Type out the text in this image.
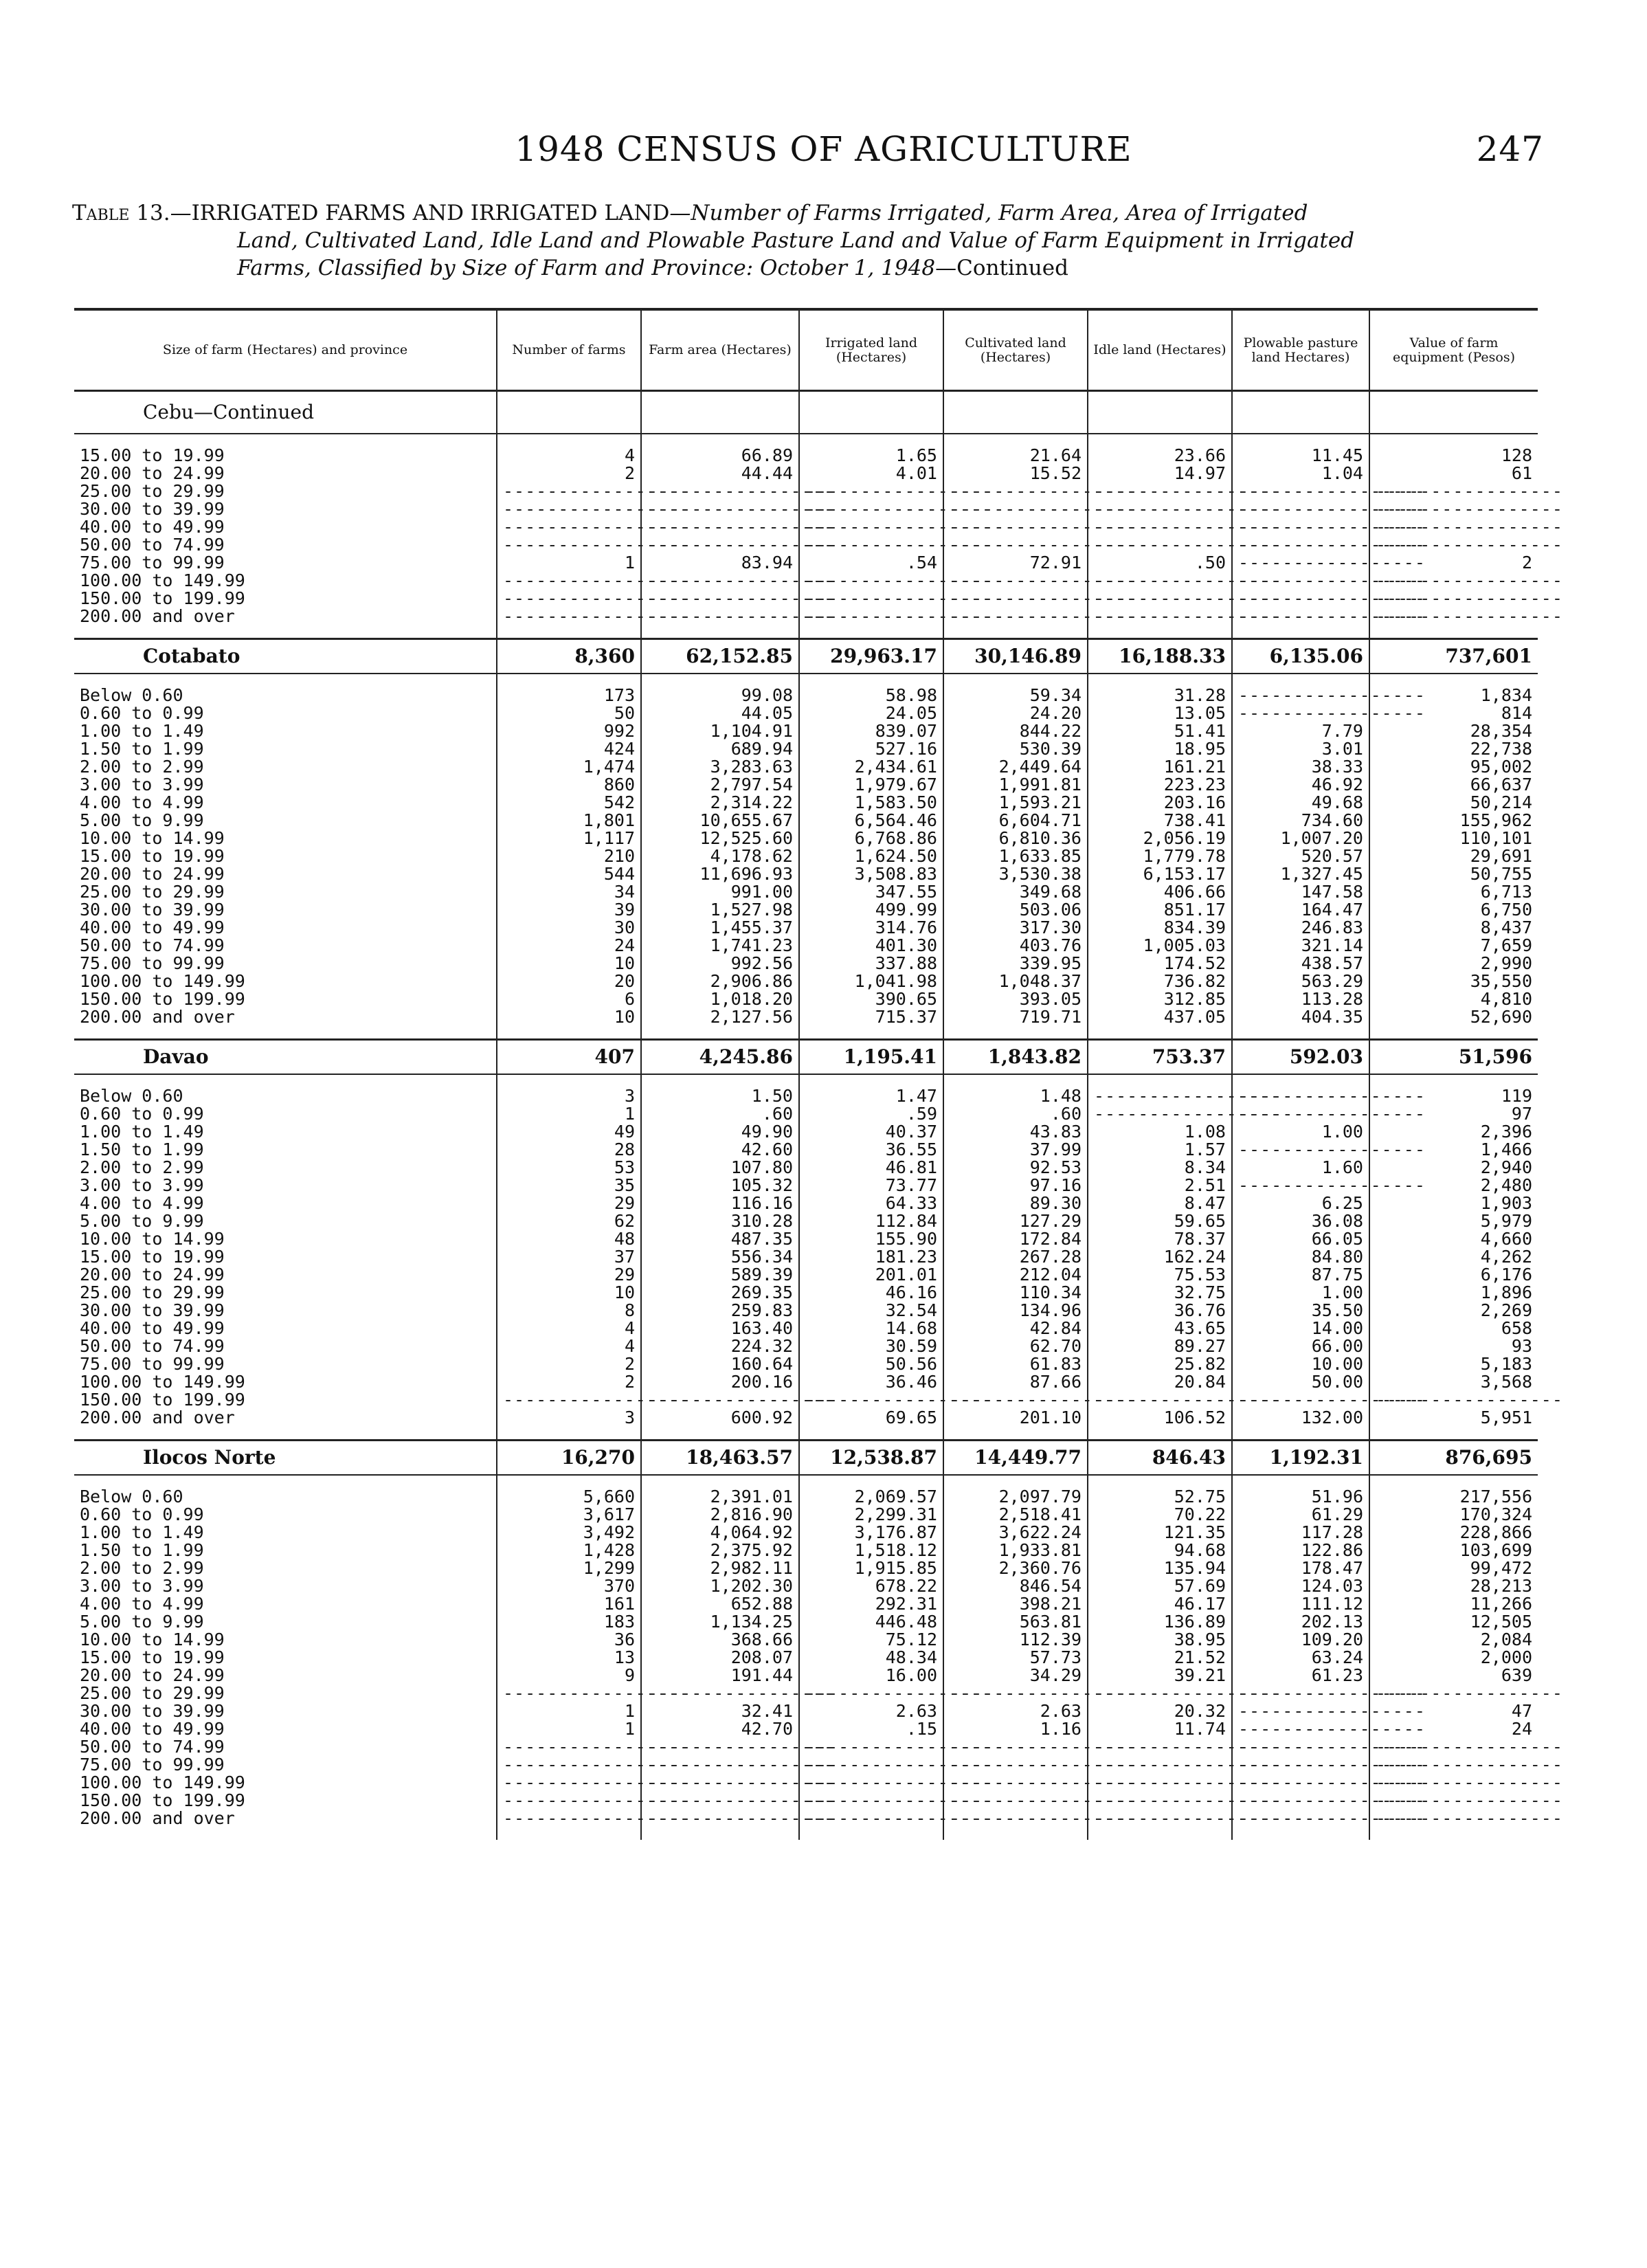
1948 CENSUS OF AGRICULTURE	247
Table 13.—IRRIGATED FARMS AND IRRIGATED LAND—Number of Farms Irrigated, Farm Area, Area of Irrigated
Land, Cultivated Land, Idle Land and Plowable Pasture Land and Value of Farm Equipment in Irrigated
Farms, Classified by Size of Farm and Province: October 1, 1948—Continued
Size of farm (Hectares) and province	Number of farms	Farm area (Hectares)	Irrigated land (Hectares)	Cultivated land (Hectares)	Idle land (Hectares)	Plowable pasture land Hectares)	Value of farm equipment (Pesos)
Cebu—Continued							

15.00 to 19.99	4	66.89	1.65	21.64	23.66	11.45	128
20.00 to 24.99	2	44.44	4.01	15.52	14.97	1.04	61
25.00 to 29.99	-----------------	-----------------	-----------------	-----------------	-----------------	-----------------	-----------------
30.00 to 39.99	-----------------	-----------------	-----------------	-----------------	-----------------	-----------------	-----------------
40.00 to 49.99	-----------------	-----------------	-----------------	-----------------	-----------------	-----------------	-----------------
50.00 to 74.99	-----------------	-----------------	-----------------	-----------------	-----------------	-----------------	-----------------
75.00 to 99.99	1	83.94	.54	72.91	.50	-----------------	2
100.00 to 149.99	-----------------	-----------------	-----------------	-----------------	-----------------	-----------------	-----------------
150.00 to 199.99	-----------------	-----------------	-----------------	-----------------	-----------------	-----------------	-----------------
200.00 and over	-----------------	-----------------	-----------------	-----------------	-----------------	-----------------	-----------------

Cotabato	8,360	62,152.85	29,963.17	30,146.89	16,188.33	6,135.06	737,601

Below 0.60	173	99.08	58.98	59.34	31.28	-----------------	1,834
0.60 to 0.99	50	44.05	24.05	24.20	13.05	-----------------	814
1.00 to 1.49	992	1,104.91	839.07	844.22	51.41	7.79	28,354
1.50 to 1.99	424	689.94	527.16	530.39	18.95	3.01	22,738
2.00 to 2.99	1,474	3,283.63	2,434.61	2,449.64	161.21	38.33	95,002
3.00 to 3.99	860	2,797.54	1,979.67	1,991.81	223.23	46.92	66,637
4.00 to 4.99	542	2,314.22	1,583.50	1,593.21	203.16	49.68	50,214
5.00 to 9.99	1,801	10,655.67	6,564.46	6,604.71	738.41	734.60	155,962
10.00 to 14.99	1,117	12,525.60	6,768.86	6,810.36	2,056.19	1,007.20	110,101
15.00 to 19.99	210	4,178.62	1,624.50	1,633.85	1,779.78	520.57	29,691
20.00 to 24.99	544	11,696.93	3,508.83	3,530.38	6,153.17	1,327.45	50,755
25.00 to 29.99	34	991.00	347.55	349.68	406.66	147.58	6,713
30.00 to 39.99	39	1,527.98	499.99	503.06	851.17	164.47	6,750
40.00 to 49.99	30	1,455.37	314.76	317.30	834.39	246.83	8,437
50.00 to 74.99	24	1,741.23	401.30	403.76	1,005.03	321.14	7,659
75.00 to 99.99	10	992.56	337.88	339.95	174.52	438.57	2,990
100.00 to 149.99	20	2,906.86	1,041.98	1,048.37	736.82	563.29	35,550
150.00 to 199.99	6	1,018.20	390.65	393.05	312.85	113.28	4,810
200.00 and over	10	2,127.56	715.37	719.71	437.05	404.35	52,690

Davao	407	4,245.86	1,195.41	1,843.82	753.37	592.03	51,596

Below 0.60	3	1.50	1.47	1.48	-----------------	-----------------	119
0.60 to 0.99	1	.60	.59	.60	-----------------	-----------------	97
1.00 to 1.49	49	49.90	40.37	43.83	1.08	1.00	2,396
1.50 to 1.99	28	42.60	36.55	37.99	1.57	-----------------	1,466
2.00 to 2.99	53	107.80	46.81	92.53	8.34	1.60	2,940
3.00 to 3.99	35	105.32	73.77	97.16	2.51	-----------------	2,480
4.00 to 4.99	29	116.16	64.33	89.30	8.47	6.25	1,903
5.00 to 9.99	62	310.28	112.84	127.29	59.65	36.08	5,979
10.00 to 14.99	48	487.35	155.90	172.84	78.37	66.05	4,660
15.00 to 19.99	37	556.34	181.23	267.28	162.24	84.80	4,262
20.00 to 24.99	29	589.39	201.01	212.04	75.53	87.75	6,176
25.00 to 29.99	10	269.35	46.16	110.34	32.75	1.00	1,896
30.00 to 39.99	8	259.83	32.54	134.96	36.76	35.50	2,269
40.00 to 49.99	4	163.40	14.68	42.84	43.65	14.00	658
50.00 to 74.99	4	224.32	30.59	62.70	89.27	66.00	93
75.00 to 99.99	2	160.64	50.56	61.83	25.82	10.00	5,183
100.00 to 149.99	2	200.16	36.46	87.66	20.84	50.00	3,568
150.00 to 199.99	-----------------	-----------------	-----------------	-----------------	-----------------	-----------------	-----------------
200.00 and over	3	600.92	69.65	201.10	106.52	132.00	5,951

Ilocos Norte	16,270	18,463.57	12,538.87	14,449.77	846.43	1,192.31	876,695

Below 0.60	5,660	2,391.01	2,069.57	2,097.79	52.75	51.96	217,556
0.60 to 0.99	3,617	2,816.90	2,299.31	2,518.41	70.22	61.29	170,324
1.00 to 1.49	3,492	4,064.92	3,176.87	3,622.24	121.35	117.28	228,866
1.50 to 1.99	1,428	2,375.92	1,518.12	1,933.81	94.68	122.86	103,699
2.00 to 2.99	1,299	2,982.11	1,915.85	2,360.76	135.94	178.47	99,472
3.00 to 3.99	370	1,202.30	678.22	846.54	57.69	124.03	28,213
4.00 to 4.99	161	652.88	292.31	398.21	46.17	111.12	11,266
5.00 to 9.99	183	1,134.25	446.48	563.81	136.89	202.13	12,505
10.00 to 14.99	36	368.66	75.12	112.39	38.95	109.20	2,084
15.00 to 19.99	13	208.07	48.34	57.73	21.52	63.24	2,000
20.00 to 24.99	9	191.44	16.00	34.29	39.21	61.23	639
25.00 to 29.99	-----------------	-----------------	-----------------	-----------------	-----------------	-----------------	-----------------
30.00 to 39.99	1	32.41	2.63	2.63	20.32	-----------------	47
40.00 to 49.99	1	42.70	.15	1.16	11.74	-----------------	24
50.00 to 74.99	-----------------	-----------------	-----------------	-----------------	-----------------	-----------------	-----------------
75.00 to 99.99	-----------------	-----------------	-----------------	-----------------	-----------------	-----------------	-----------------
100.00 to 149.99	-----------------	-----------------	-----------------	-----------------	-----------------	-----------------	-----------------
150.00 to 199.99	-----------------	-----------------	-----------------	-----------------	-----------------	-----------------	-----------------
200.00 and over	-----------------	-----------------	-----------------	-----------------	-----------------	-----------------	-----------------
